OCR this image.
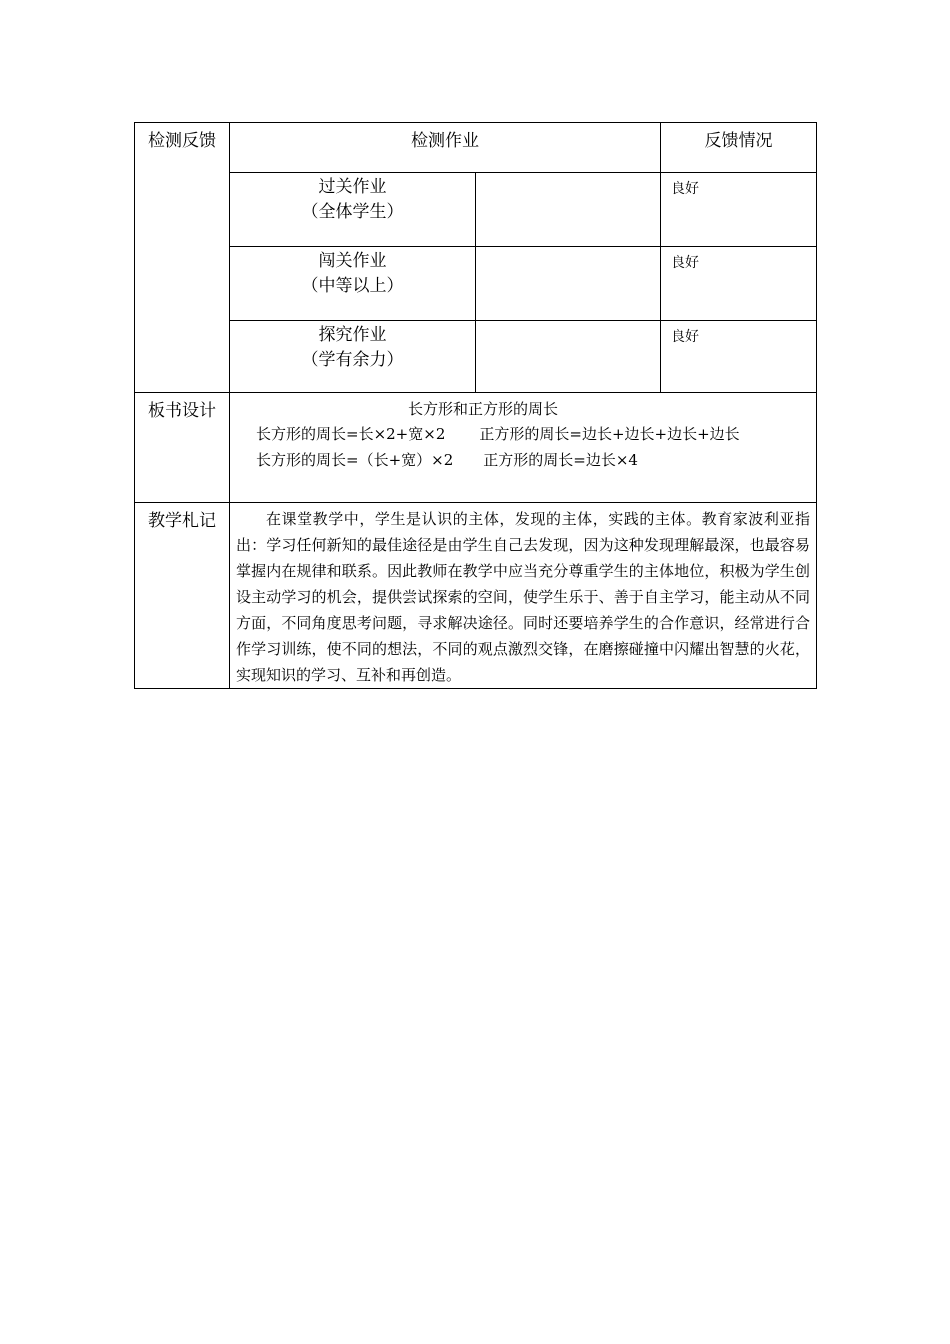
检测反馈	检测作业		反馈情况

	过关作业
（全体学生）		良好

	闯关作业
（中等以上）		良好

	探究作业
（学有余力）		良好
板书设计	长方形和正方形的周长
长方形的周长=长×2+宽×2 正方形的周长=边长+边长+边长+边长
长方形的周长=（长+宽）×2 正方形的周长=边长×4		

教学札记	在课堂教学中，学生是认识的主体，发现的主体，实践的主体。教育家波利亚指出：学习任何新知的最佳途径是由学生自己去发现，因为这种发现理解最深，也最容易掌握内在规律和联系。因此教师在教学中应当充分尊重学生的主体地位，积极为学生创设主动学习的机会，提供尝试探索的空间，使学生乐于、善于自主学习，能主动从不同方面，不同角度思考问题，寻求解决途径。同时还要培养学生的合作意识，经常进行合作学习训练，使不同的想法，不同的观点激烈交锋，在磨擦碰撞中闪耀出智慧的火花，实现知识的学习、互补和再创造。		
